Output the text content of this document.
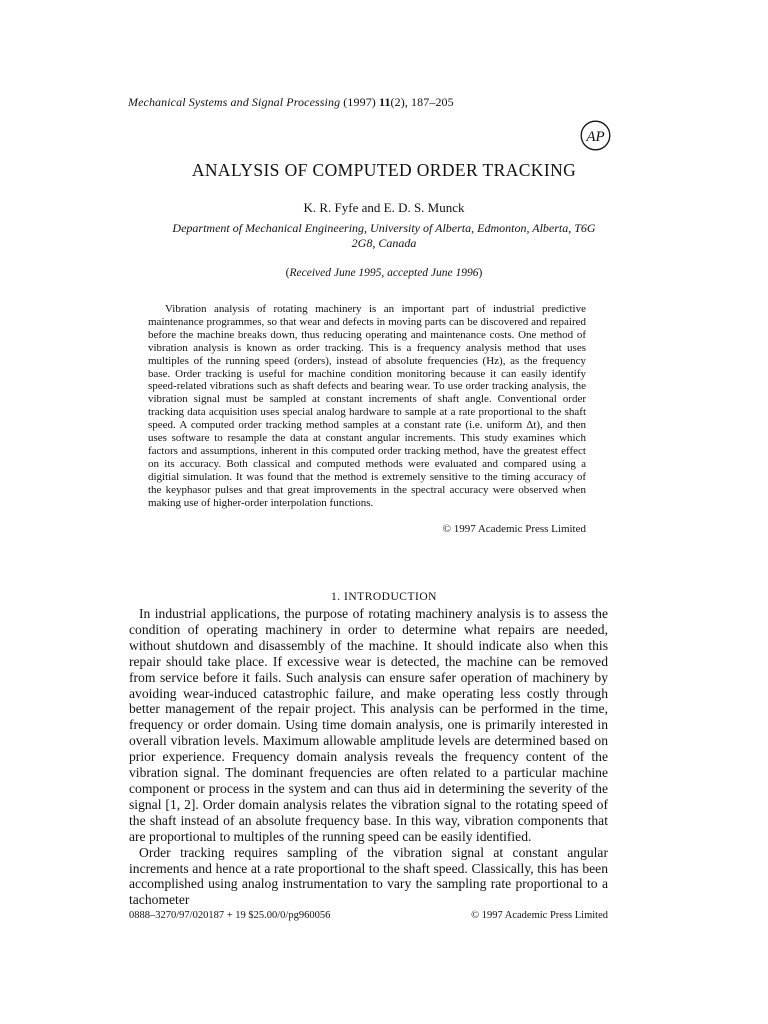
Mechanical Systems and Signal Processing (1997) 11(2), 187–205
AP
ANALYSIS OF COMPUTED ORDER TRACKING
K. R. Fyfe and E. D. S. Munck
Department of Mechanical Engineering, University of Alberta, Edmonton, Alberta, T6G 2G8, Canada
(Received June 1995, accepted June 1996)

Vibration analysis of rotating machinery is an important part of industrial predictive maintenance programmes, so that wear and defects in moving parts can be discovered and repaired before the machine breaks down, thus reducing operating and maintenance costs. One method of vibration analysis is known as order tracking. This is a frequency analysis method that uses multiples of the running speed (orders), instead of absolute frequencies (Hz), as the frequency base. Order tracking is useful for machine condition monitoring because it can easily identify speed-related vibrations such as shaft defects and bearing wear. To use order tracking analysis, the vibration signal must be sampled at constant increments of shaft angle. Conventional order tracking data acquisition uses special analog hardware to sample at a rate proportional to the shaft speed. A computed order tracking method samples at a constant rate (i.e. uniform Δt), and then uses software to resample the data at constant angular increments. This study examines which factors and assumptions, inherent in this computed order tracking method, have the greatest effect on its accuracy. Both classical and computed methods were evaluated and compared using a digitial simulation. It was found that the method is extremely sensitive to the timing accuracy of the keyphasor pulses and that great improvements in the spectral accuracy were observed when making use of higher-order interpolation functions.

© 1997 Academic Press Limited
1. INTRODUCTION

In industrial applications, the purpose of rotating machinery analysis is to assess the condition of operating machinery in order to determine what repairs are needed, without shutdown and disassembly of the machine. It should indicate also when this repair should take place. If excessive wear is detected, the machine can be removed from service before it fails. Such analysis can ensure safer operation of machinery by avoiding wear-induced catastrophic failure, and make operating less costly through better management of the repair project. This analysis can be performed in the time, frequency or order domain. Using time domain analysis, one is primarily interested in overall vibration levels. Maximum allowable amplitude levels are determined based on prior experience. Frequency domain analysis reveals the frequency content of the vibration signal. The dominant frequencies are often related to a particular machine component or process in the system and can thus aid in determining the severity of the signal [1, 2]. Order domain analysis relates the vibration signal to the rotating speed of the shaft instead of an absolute frequency base. In this way, vibration components that are proportional to multiples of the running speed can be easily identified.

Order tracking requires sampling of the vibration signal at constant angular increments and hence at a rate proportional to the shaft speed. Classically, this has been accomplished using analog instrumentation to vary the sampling rate proportional to a tachometer

0888–3270/97/020187 + 19 $25.00/0/pg960056	© 1997 Academic Press Limited
